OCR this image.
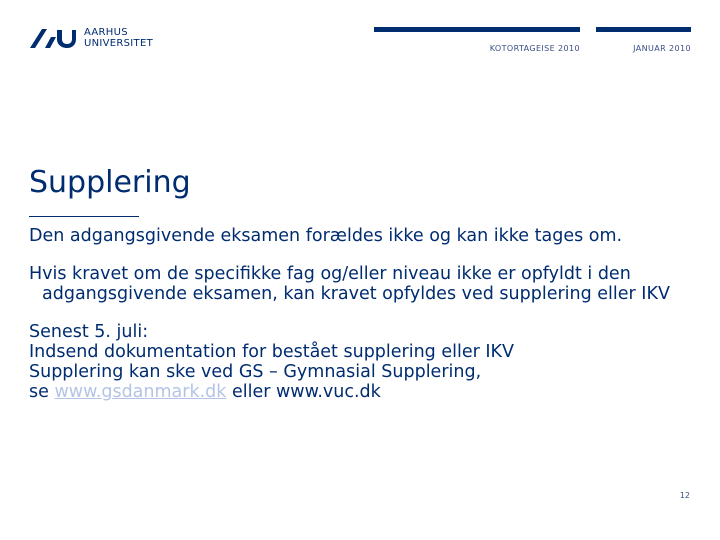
AARHUS
UNIVERSITET	KOTORTAGEISE 2010	JANUAR 2010
Supplering

Den adgangsgivende eksamen forældes ikke og kan ikke tages om.

Hvis kravet om de specifikke fag og/eller niveau ikke er opfyldt i den adgangsgivende eksamen, kan kravet opfyldes ved supplering eller IKV

Senest 5. juli:
Indsend dokumentation for bestået supplering eller IKV
Supplering kan ske ved GS – Gymnasial Supplering,
se www.gsdanmark.dk eller www.vuc.dk

12
